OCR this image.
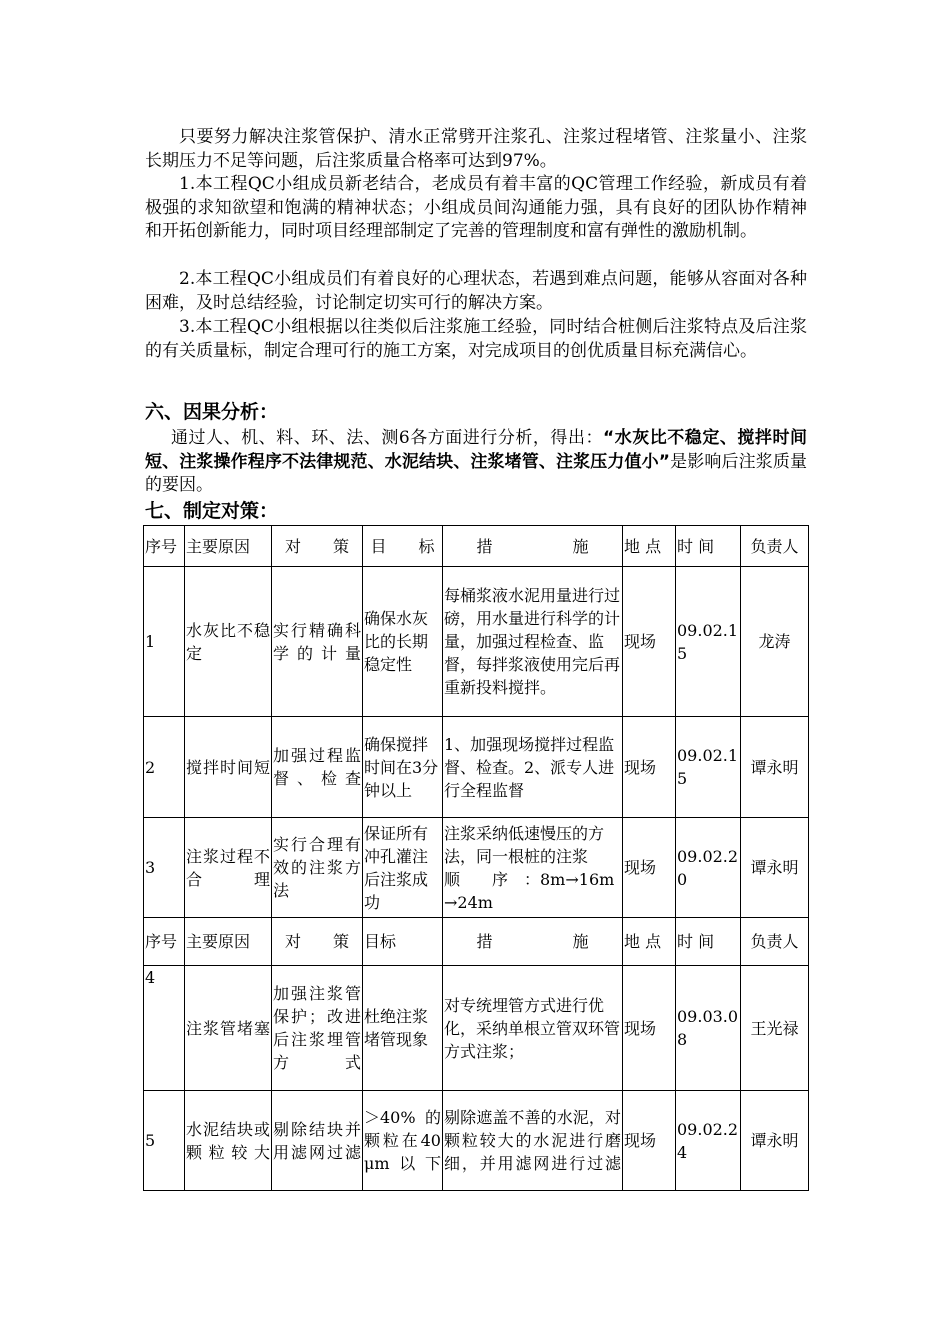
只要努力解决注浆管保护、清水正常劈开注浆孔、注浆过程堵管、注浆量小、注浆长期压力不足等问题，后注浆质量合格率可达到97%。

1.本工程QC小组成员新老结合，老成员有着丰富的QC管理工作经验，新成员有着极强的求知欲望和饱满的精神状态；小组成员间沟通能力强，具有良好的团队协作精神和开拓创新能力，同时项目经理部制定了完善的管理制度和富有弹性的激励机制。

2.本工程QC小组成员们有着良好的心理状态，若遇到难点问题，能够从容面对各种困难，及时总结经验，讨论制定切实可行的解决方案。

3.本工程QC小组根据以往类似后注浆施工经验，同时结合桩侧后注浆特点及后注浆的有关质量标，制定合理可行的施工方案，对完成项目的创优质量目标充满信心。

六、因果分析：

通过人、机、料、环、法、测6各方面进行分析，得出：“水灰比不稳定、搅拌时间短、注浆操作程序不法律规范、水泥结块、注浆堵管、注浆压力值小”是影响后注浆质量的要因。

七、制定对策：
序号	主要原因	对　　策	目　　标	措　　　　　施	地 点	时 间	负责人
1	水灰比不稳定	实行精确科学的计量	确保水灰比的长期稳定性	每桶浆液水泥用量进行过磅，用水量进行科学的计量，加强过程检查、监督，每拌浆液使用完后再重新投料搅拌。	现场	09.02.15	龙涛
2	搅拌时间短	加强过程监督、检查	确保搅拌时间在3分钟以上	1、加强现场搅拌过程监督、检查。2、派专人进行全程监督	现场	09.02.15	谭永明
3	注浆过程不合理	实行合理有效的注浆方法	保证所有冲孔灌注后注浆成功	注浆采纳低速慢压的方法，同一根桩的注浆　　顺　　序　：8m→16m→24m	现场	09.02.20	谭永明
序号	主要原因	对　　策	目标	措　　　　　施	地 点	时 间	负责人
4	注浆管堵塞	加强注浆管保护；改进后注浆埋管方式	杜绝注浆堵管现象	对专统埋管方式进行优化，采纳单根立管双环管方式注浆；	现场	09.03.08	王光禄
5	水泥结块或颗粒较大	剔除结块并用滤网过滤	＞40%的颗粒在40μm以下	剔除遮盖不善的水泥，对颗粒较大的水泥进行磨细，并用滤网进行过滤	现场	09.02.24	谭永明
